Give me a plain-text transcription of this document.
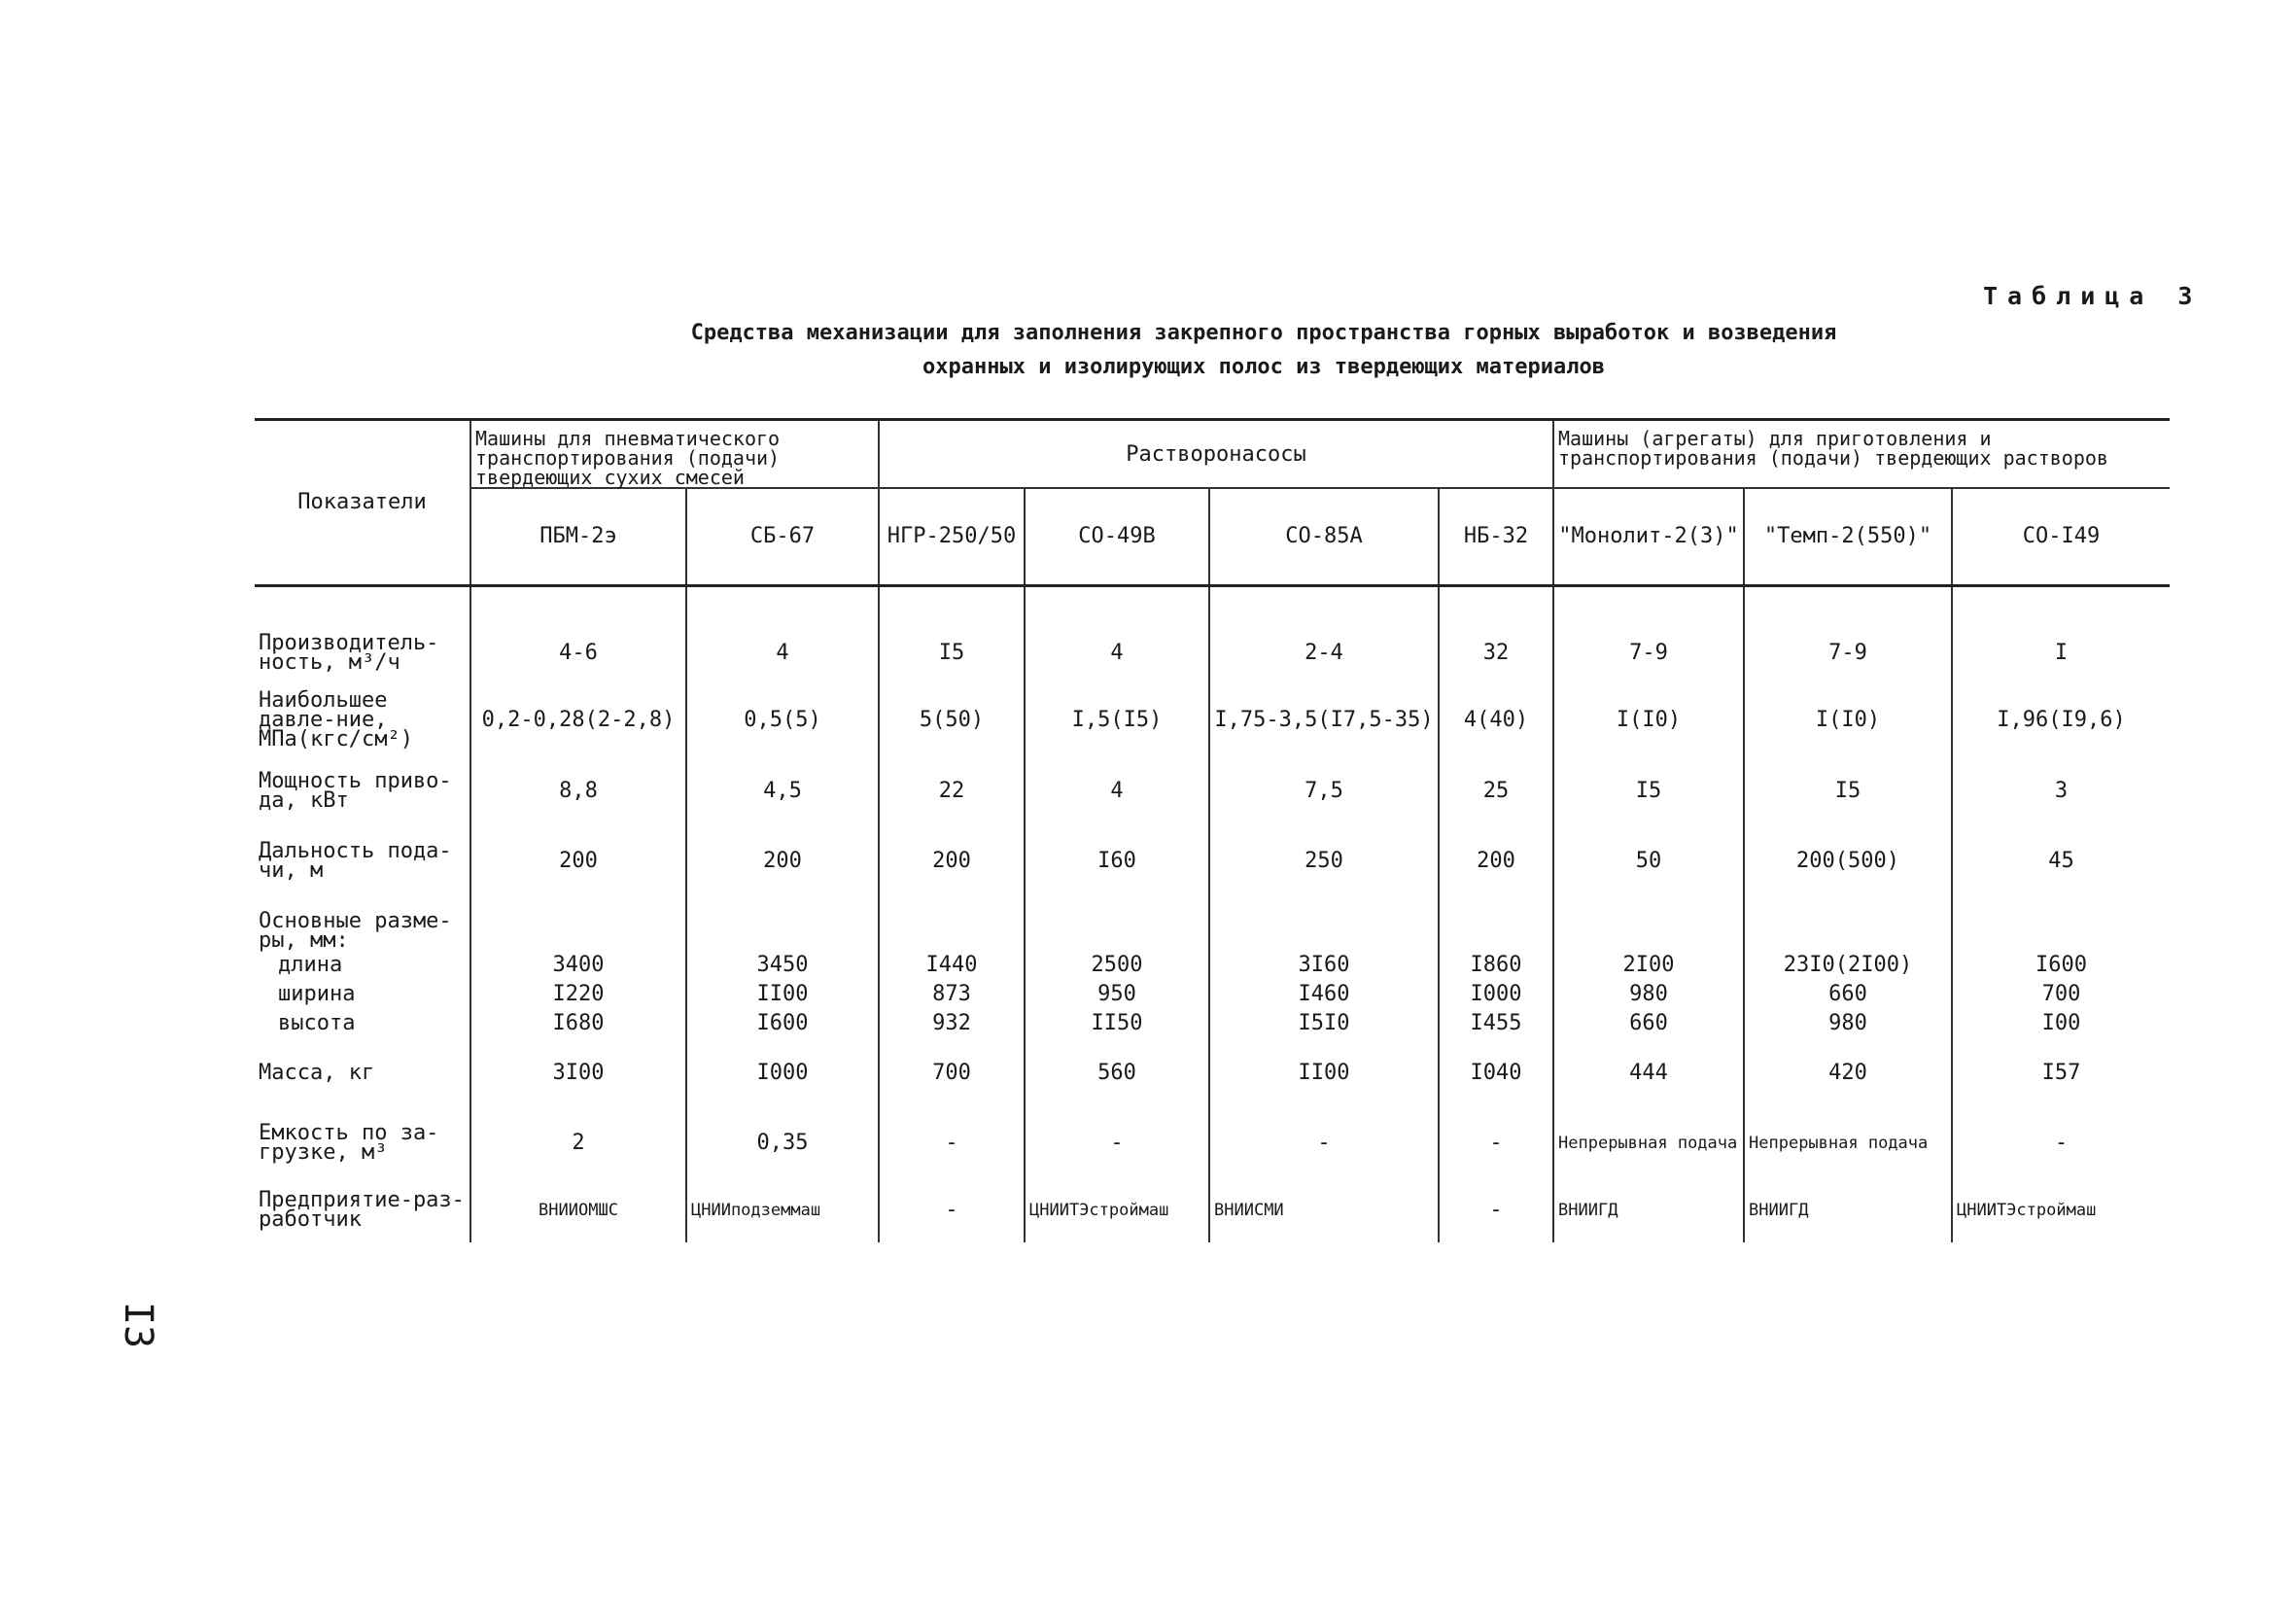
Таблица 3
Средства механизации для заполнения закрепного пространства горных выработок и возведения
охранных и изолирующих полос из твердеющих материалов
I3
Показатели	Машины для пневматического транспортирования (подачи) твердеющих сухих смесей		Растворонасосы				Машины (агрегаты) для приготовления и транспортирования (подачи) твердеющих растворов		
	ПБМ-2э	СБ-67	НГР-250/50	СО-49В	СО-85А	НБ-32	"Монолит-2(3)"	"Темп-2(550)"	СО-I49

Производитель-ность, м³/ч	4-6	4	I5	4	2-4	32	7-9	7-9	I
Наибольшее давле-ние, МПа(кгс/см²)	0,2-0,28(2-2,8)	0,5(5)	5(50)	I,5(I5)	I,75-3,5(I7,5-35)	4(40)	I(I0)	I(I0)	I,96(I9,6)
Мощность приво-да, кВт	8,8	4,5	22	4	7,5	25	I5	I5	3
Дальность пода-чи, м	200	200	200	I60	250	200	50	200(500)	45
Основные разме-ры, мм:									
длина	3400	3450	I440	2500	3I60	I860	2I00	23I0(2I00)	I600
ширина	I220	II00	873	950	I460	I000	980	660	700
высота	I680	I600	932	II50	I5I0	I455	660	980	I00
Масса, кг	3I00	I000	700	560	II00	I040	444	420	I57
Емкость по за-грузке, м³	2	0,35	-	-	-	-	Непрерывная подача	Непрерывная подача	-
Предприятие-раз-работчик	ВНИИОМШС	ЦНИИподземмаш	-	ЦНИИТЭстроймаш	ВНИИСМИ	-	ВНИИГД	ВНИИГД	ЦНИИТЭстроймаш
